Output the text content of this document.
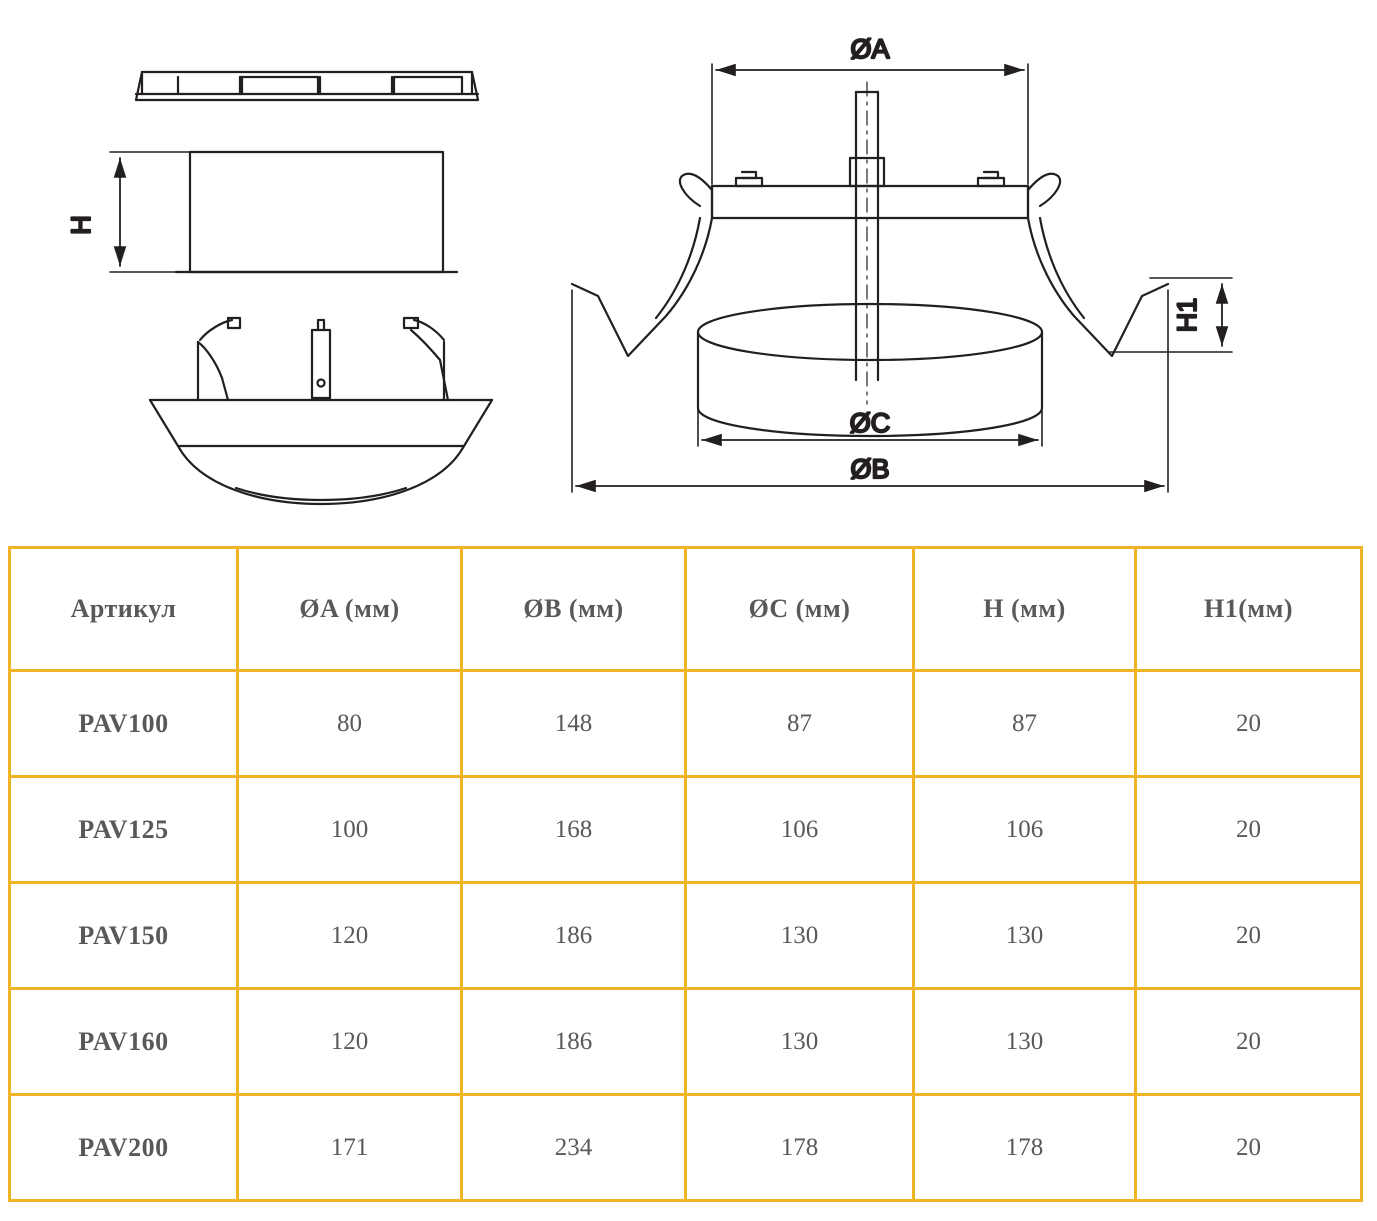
H
ØA
ØC
ØB
H1
Артикул	ØA (мм)	ØB (мм)	ØC (мм)	H (мм)	H1(мм)
PAV100	80	148	87	87	20
PAV125	100	168	106	106	20
PAV150	120	186	130	130	20
PAV160	120	186	130	130	20
PAV200	171	234	178	178	20
